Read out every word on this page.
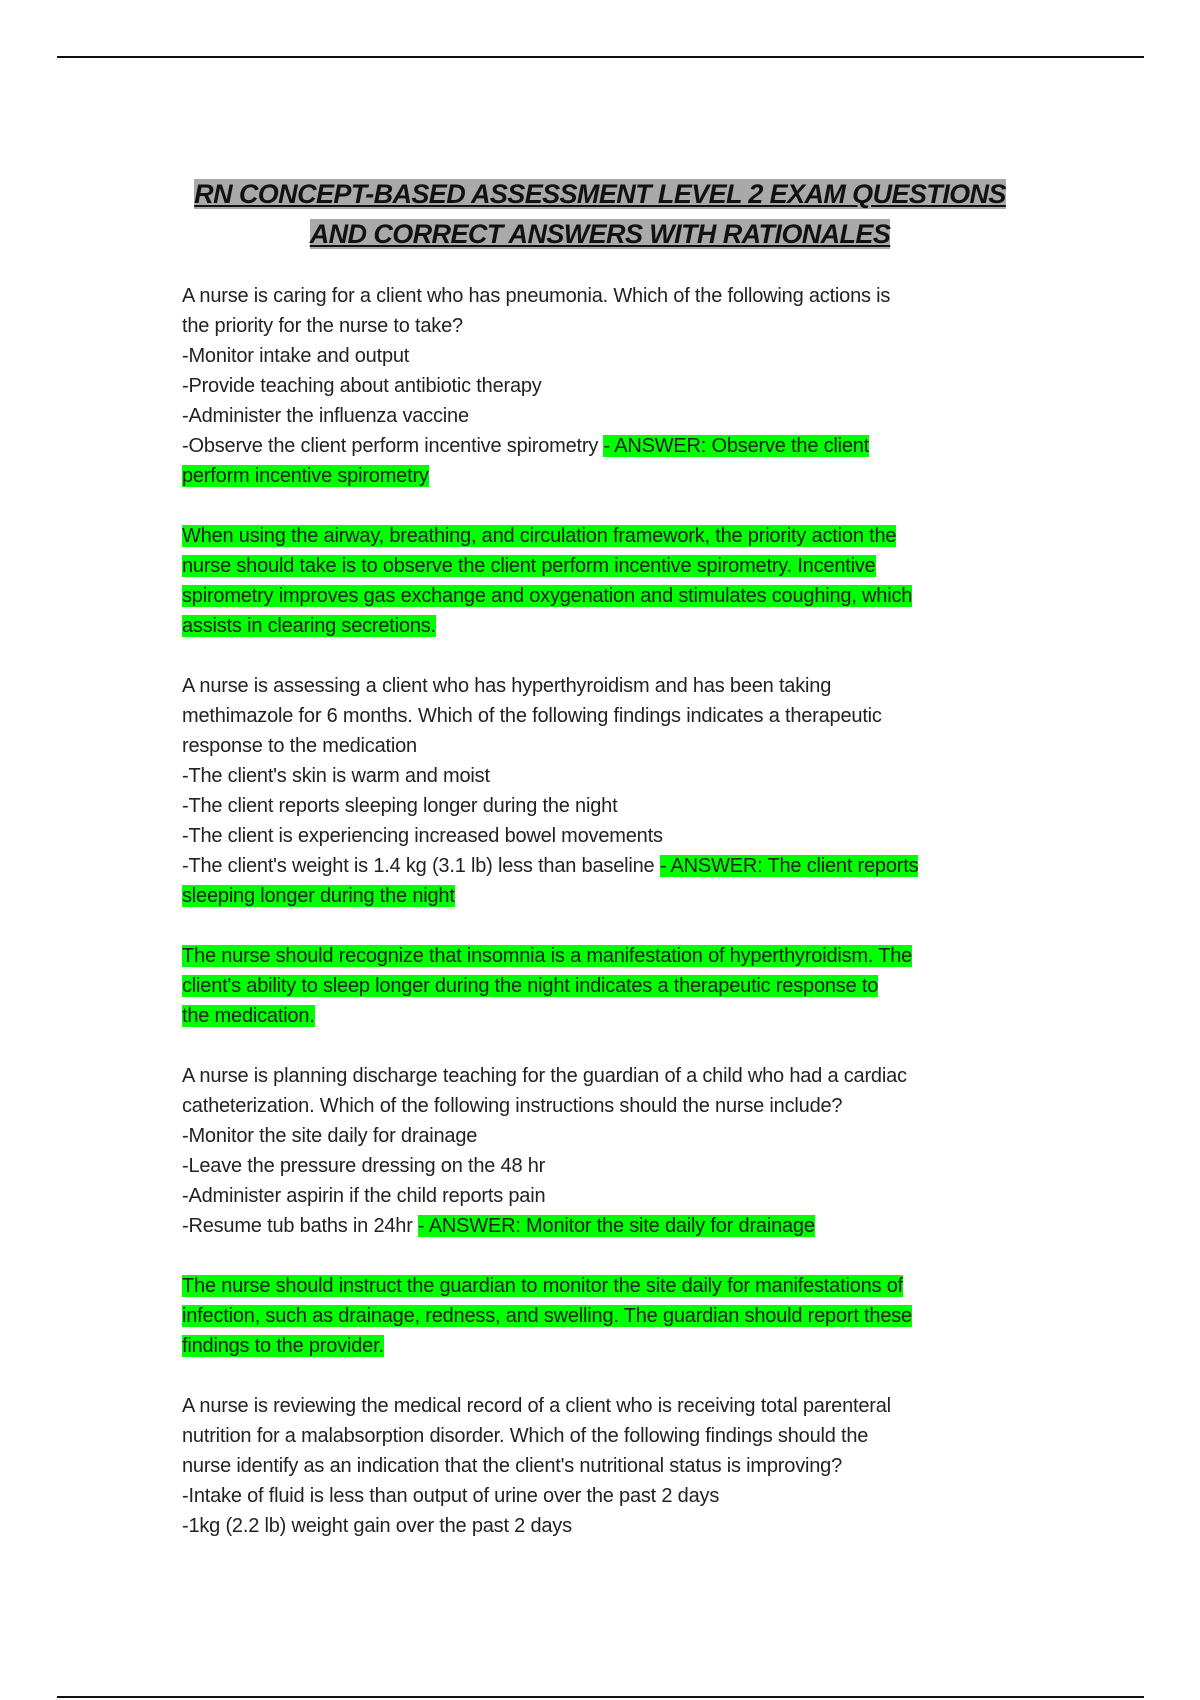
RN CONCEPT-BASED ASSESSMENT LEVEL 2 EXAM QUESTIONS
AND CORRECT ANSWERS WITH RATIONALES
A nurse is caring for a client who has pneumonia. Which of the following actions is
the priority for the nurse to take?
-Monitor intake and output
-Provide teaching about antibiotic therapy
-Administer the influenza vaccine
-Observe the client perform incentive spirometry - ANSWER: Observe the client
perform incentive spirometry
When using the airway, breathing, and circulation framework, the priority action the
nurse should take is to observe the client perform incentive spirometry. Incentive
spirometry improves gas exchange and oxygenation and stimulates coughing, which
assists in clearing secretions.
A nurse is assessing a client who has hyperthyroidism and has been taking
methimazole for 6 months. Which of the following findings indicates a therapeutic
response to the medication
-The client's skin is warm and moist
-The client reports sleeping longer during the night
-The client is experiencing increased bowel movements
-The client's weight is 1.4 kg (3.1 lb) less than baseline - ANSWER: The client reports
sleeping longer during the night
The nurse should recognize that insomnia is a manifestation of hyperthyroidism. The
client's ability to sleep longer during the night indicates a therapeutic response to
the medication.
A nurse is planning discharge teaching for the guardian of a child who had a cardiac
catheterization. Which of the following instructions should the nurse include?
-Monitor the site daily for drainage
-Leave the pressure dressing on the 48 hr
-Administer aspirin if the child reports pain
-Resume tub baths in 24hr - ANSWER: Monitor the site daily for drainage
The nurse should instruct the guardian to monitor the site daily for manifestations of
infection, such as drainage, redness, and swelling. The guardian should report these
findings to the provider.
A nurse is reviewing the medical record of a client who is receiving total parenteral
nutrition for a malabsorption disorder. Which of the following findings should the
nurse identify as an indication that the client's nutritional status is improving?
-Intake of fluid is less than output of urine over the past 2 days
-1kg (2.2 lb) weight gain over the past 2 days
